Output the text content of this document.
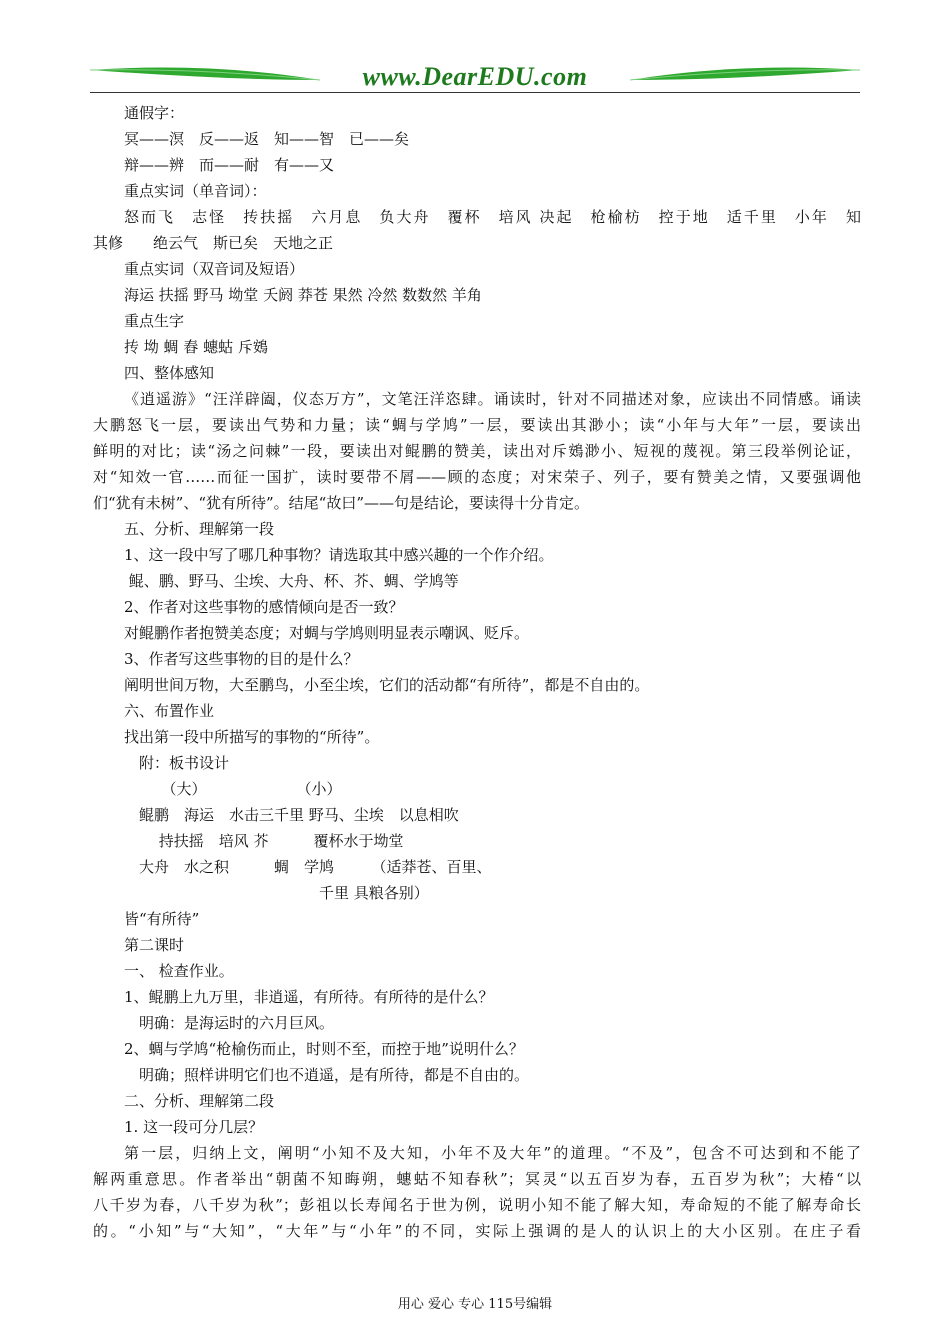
www.DearEDU.com

通假字：

冥——溟　反——返　知——智　已——矣

辩——辨　而——耐　有——又

重点实词（单音词）：

怒而飞　志怪　抟扶摇　六月息　负大舟　覆杯　培风 决起　枪榆枋　控于地　适千里　小年　知

其修　　绝云气　斯已矣　天地之正

重点实词（双音词及短语）

海运 扶摇 野马 坳堂 夭阏 莽苍 果然 冷然 数数然 羊角

重点生字

抟 坳 蜩 舂 蟪蛄 斥鴳

四、整体感知

《逍遥游》“汪洋辟阖，仪态万方”，文笔汪洋恣肆。诵读时，针对不同描述对象，应读出不同情感。诵读

大鹏怒飞一层，要读出气势和力量；读“蜩与学鸠”一层，要读出其渺小；读“小年与大年”一层，要读出

鲜明的对比；读“汤之问棘”一段，要读出对鲲鹏的赞美，读出对斥鴳渺小、短视的蔑视。第三段举例论证，

对“知效一官……而征一国扩，读时要带不屑——顾的态度；对宋荣子、列子，要有赞美之情，又要强调他

们“犹有未树”、“犹有所待”。结尾“故曰”——句是结论，要读得十分肯定。

五、分析、理解第一段

1、这一段中写了哪几种事物？请选取其中感兴趣的一个作介绍。

鲲、鹏、野马、尘埃、大舟、杯、芥、蜩、学鸠等

2、作者对这些事物的感情倾向是否一致？

对鲲鹏作者抱赞美态度；对蜩与学鸠则明显表示嘲讽、贬斥。

3、作者写这些事物的目的是什么？

阐明世间万物，大至鹏鸟，小至尘埃，它们的活动都“有所待”，都是不自由的。

六、布置作业

找出第一段中所描写的事物的“所待”。

　附：板书设计

　　　（大）　　　　　　　（小）

　鲲鹏　海运　水击三千里 野马、尘埃　以息相吹

　　 持扶摇　培风 芥　　　覆杯水于坳堂

　大舟　水之积　　　蜩　学鸠　　　（适莽苍、百里、

　　　　　　　　　　　　　千里 具粮各别）

皆“有所待”

第二课时

一、 检查作业。

1、鲲鹏上九万里，非逍遥，有所待。有所待的是什么？

　明确：是海运时的六月巨风。

2、蜩与学鸠“枪榆伤而止，时则不至，而控于地”说明什么？

　明确；照样讲明它们也不逍遥，是有所待，都是不自由的。

二、分析、理解第二段

1. 这一段可分几层？

第一层，归纳上文，阐明“小知不及大知，小年不及大年”的道理。“不及”，包含不可达到和不能了

解两重意思。作者举出“朝菌不知晦朔，蟪蛄不知春秋”；冥灵“以五百岁为春，五百岁为秋”；大椿“以

八千岁为春，八千岁为秋”；彭祖以长寿闻名于世为例，说明小知不能了解大知，寿命短的不能了解寿命长

的。“小知”与“大知”，“大年”与“小年”的不同，实际上强调的是人的认识上的大小区别。在庄子看

用心 爱心 专心 115号编辑
